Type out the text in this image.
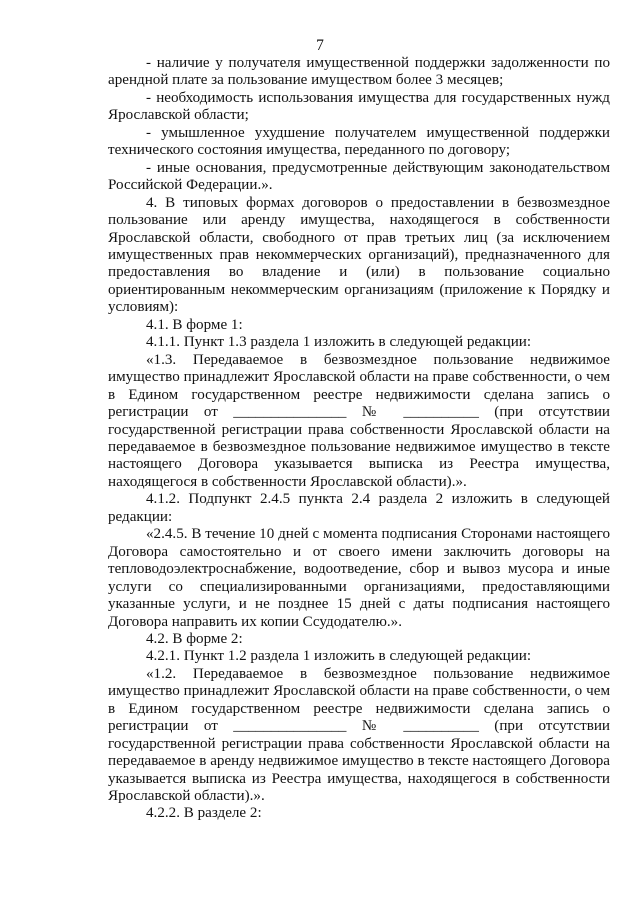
7

- наличие у получателя имущественной поддержки задолженности по арендной плате за пользование имуществом более 3 месяцев;

- необходимость использования имущества для государственных нужд Ярославской области;

- умышленное ухудшение получателем имущественной поддержки технического состояния имущества, переданного по договору;

- иные основания, предусмотренные действующим законодательством Российской Федерации.».

4. В типовых формах договоров о предоставлении в безвозмездное пользование или аренду имущества, находящегося в собственности Ярославской области, свободного от прав третьих лиц (за исключением имущественных прав некоммерческих организаций), предназначенного для предоставления во владение и (или) в пользование социально ориентированным некоммерческим организациям (приложение к Порядку и условиям):

4.1. В форме 1:

4.1.1. Пункт 1.3 раздела 1 изложить в следующей редакции:

«1.3. Передаваемое в безвозмездное пользование недвижимое имущество принадлежит Ярославской области на праве собственности, о чем в Едином государственном реестре недвижимости сделана запись о регистрации от _______________ № __________ (при отсутствии государственной регистрации права собственности Ярославской области на передаваемое в безвозмездное пользование недвижимое имущество в тексте настоящего Договора указывается выписка из Реестра имущества, находящегося в собственности Ярославской области).».

4.1.2. Подпункт 2.4.5 пункта 2.4 раздела 2 изложить в следующей редакции:

«2.4.5. В течение 10 дней с момента подписания Сторонами настоящего Договора самостоятельно и от своего имени заключить договоры на тепловодоэлектроснабжение, водоотведение, сбор и вывоз мусора и иные услуги со специализированными организациями, предоставляющими указанные услуги, и не позднее 15 дней с даты подписания настоящего Договора направить их копии Ссудодателю.».

4.2. В форме 2:

4.2.1. Пункт 1.2 раздела 1 изложить в следующей редакции:

«1.2. Передаваемое в безвозмездное пользование недвижимое имущество принадлежит Ярославской области на праве собственности, о чем в Едином государственном реестре недвижимости сделана запись о регистрации от _______________ № __________ (при отсутствии государственной регистрации права собственности Ярославской области на передаваемое в аренду недвижимое имущество в тексте настоящего Договора указывается выписка из Реестра имущества, находящегося в собственности Ярославской области).».

4.2.2. В разделе 2:
